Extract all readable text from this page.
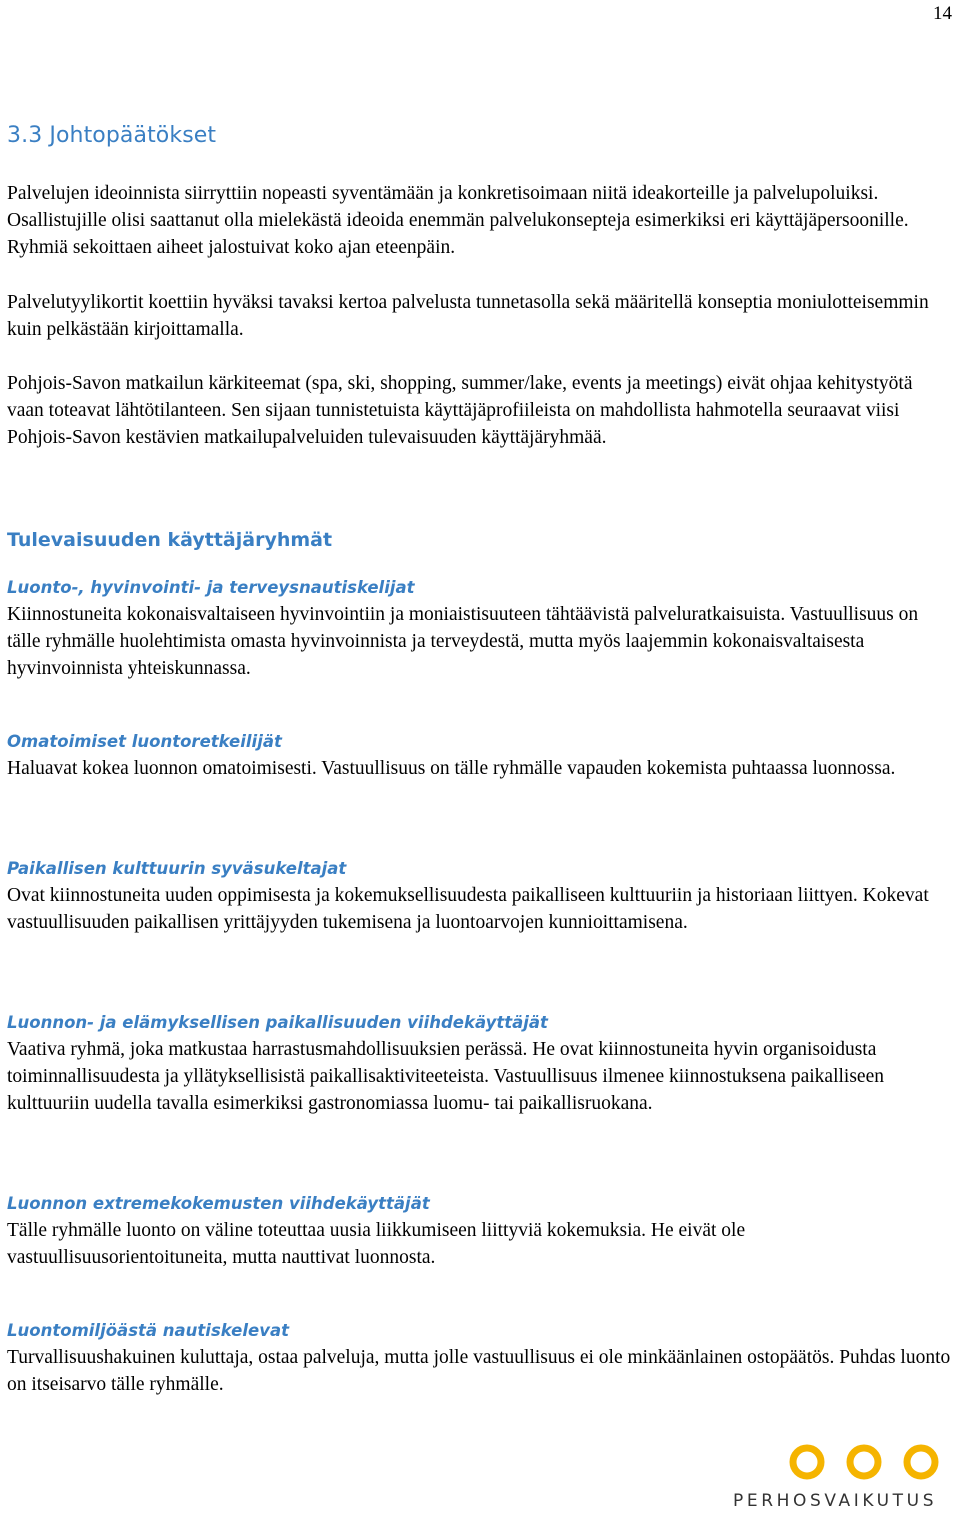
14
3.3 Johtopäätökset

Palvelujen ideoinnista siirryttiin nopeasti syventämään ja konkretisoimaan niitä ideakorteille ja palvelupoluiksi. Osallistujille olisi saattanut olla mielekästä ideoida enemmän palvelukonsepteja esimerkiksi eri käyttäjäpersoonille. Ryhmiä sekoittaen aiheet jalostuivat koko ajan eteenpäin.

Palvelutyylikortit koettiin hyväksi tavaksi kertoa palvelusta tunnetasolla sekä määritellä konseptia moniulotteisemmin kuin pelkästään kirjoittamalla.

Pohjois-Savon matkailun kärkiteemat (spa, ski, shopping, summer/lake, events ja meetings) eivät ohjaa kehitystyötä vaan toteavat lähtötilanteen. Sen sijaan tunnistetuista käyttäjäprofiileista on mahdollista hahmotella seuraavat viisi Pohjois-Savon kestävien matkailupalveluiden tulevaisuuden käyttäjäryhmää.

Tulevaisuuden käyttäjäryhmät

Luonto-, hyvinvointi- ja terveysnautiskelijat

Kiinnostuneita kokonaisvaltaiseen hyvinvointiin ja moniaistisuuteen tähtäävistä palveluratkaisuista. Vastuullisuus on tälle ryhmälle huolehtimista omasta hyvinvoinnista ja terveydestä, mutta myös laajemmin kokonaisvaltaisesta hyvinvoinnista yhteiskunnassa.

Omatoimiset luontoretkeilijät

Haluavat kokea luonnon omatoimisesti. Vastuullisuus on tälle ryhmälle vapauden kokemista puhtaassa luonnossa.

Paikallisen kulttuurin syväsukeltajat

Ovat kiinnostuneita uuden oppimisesta ja kokemuksellisuudesta paikalliseen kulttuuriin ja historiaan liittyen. Kokevat vastuullisuuden paikallisen yrittäjyyden tukemisena ja luontoarvojen kunnioittamisena.

Luonnon- ja elämyksellisen paikallisuuden viihdekäyttäjät

Vaativa ryhmä, joka matkustaa harrastusmahdollisuuksien perässä. He ovat kiinnostuneita hyvin organisoidusta toiminnallisuudesta ja yllätyksellisistä paikallisaktiviteeteista. Vastuullisuus ilmenee kiinnostuksena paikalliseen kulttuuriin uudella tavalla esimerkiksi gastronomiassa luomu- tai paikallisruokana.

Luonnon extremekokemusten viihdekäyttäjät

Tälle ryhmälle luonto on väline toteuttaa uusia liikkumiseen liittyviä kokemuksia. He eivät ole vastuullisuusorientoituneita, mutta nauttivat luonnosta.

Luontomiljöästä nautiskelevat

Turvallisuushakuinen kuluttaja, ostaa palveluja, mutta jolle vastuullisuus ei ole minkäänlainen ostopäätös. Puhdas luonto on itseisarvo tälle ryhmälle.

PERHOSVAIKUTUS
